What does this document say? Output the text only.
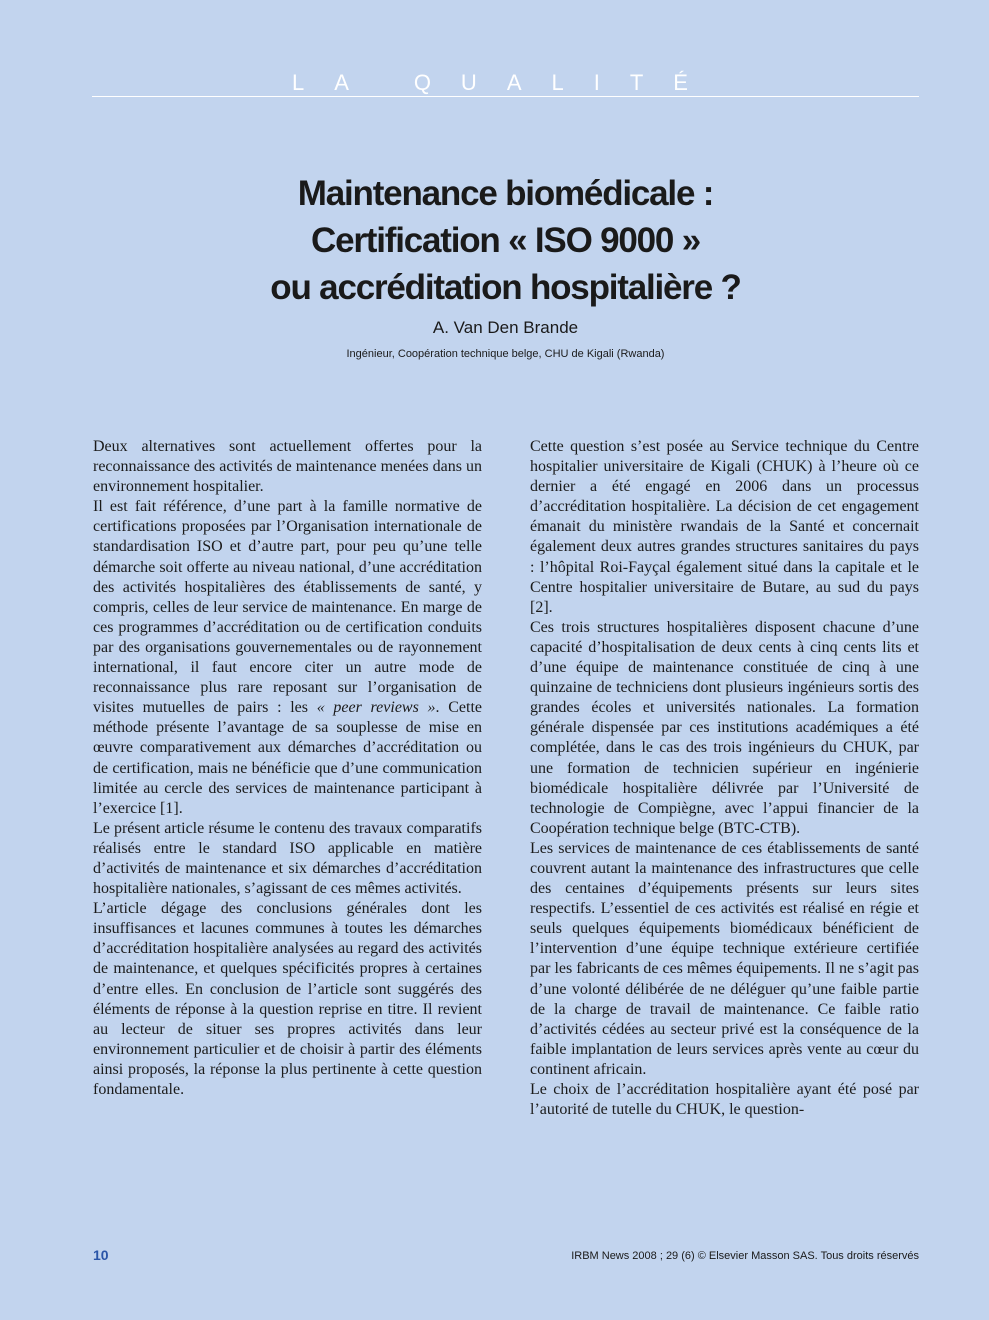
LA QUALITÉ
Maintenance biomédicale :
Certification « ISO 9000 »
ou accréditation hospitalière ?
A. Van Den Brande
Ingénieur, Coopération technique belge, CHU de Kigali (Rwanda)

Deux alternatives sont actuellement offertes pour la reconnaissance des activités de maintenance menées dans un environnement hospitalier.

Il est fait référence, d’une part à la famille normative de certifications proposées par l’Organisation internationale de standardisation ISO et d’autre part, pour peu qu’une telle démarche soit offerte au niveau national, d’une accréditation des activités hospitalières des établissements de santé, y compris, celles de leur service de maintenance. En marge de ces programmes d’accréditation ou de certification conduits par des organisations gouvernementales ou de rayonnement international, il faut encore citer un autre mode de reconnaissance plus rare reposant sur l’organisation de visites mutuelles de pairs : les « peer reviews ». Cette méthode présente l’avantage de sa souplesse de mise en œuvre comparativement aux démarches d’accréditation ou de certification, mais ne bénéficie que d’une communication limitée au cercle des services de maintenance participant à l’exercice [1].

Le présent article résume le contenu des travaux comparatifs réalisés entre le standard ISO applicable en matière d’activités de maintenance et six démarches d’accréditation hospitalière nationales, s’agissant de ces mêmes activités.

L’article dégage des conclusions générales dont les insuffisances et lacunes communes à toutes les démarches d’accréditation hospitalière analysées au regard des activités de maintenance, et quelques spécificités propres à certaines d’entre elles. En conclusion de l’article sont suggérés des éléments de réponse à la question reprise en titre. Il revient au lecteur de situer ses propres activités dans leur environnement particulier et de choisir à partir des éléments ainsi proposés, la réponse la plus pertinente à cette question fondamentale.

Cette question s’est posée au Service technique du Centre hospitalier universitaire de Kigali (CHUK) à l’heure où ce dernier a été engagé en 2006 dans un processus d’accréditation hospitalière. La décision de cet engagement émanait du ministère rwandais de la Santé et concernait également deux autres grandes structures sanitaires du pays : l’hôpital Roi-Fayçal également situé dans la capitale et le Centre hospitalier universitaire de Butare, au sud du pays [2].

Ces trois structures hospitalières disposent chacune d’une capacité d’hospitalisation de deux cents à cinq cents lits et d’une équipe de maintenance constituée de cinq à une quinzaine de techniciens dont plusieurs ingénieurs sortis des grandes écoles et universités nationales. La formation générale dispensée par ces institutions académiques a été complétée, dans le cas des trois ingénieurs du CHUK, par une formation de technicien supérieur en ingénierie biomédicale hospitalière délivrée par l’Université de technologie de Compiègne, avec l’appui financier de la Coopération technique belge (BTC-CTB).

Les services de maintenance de ces établissements de santé couvrent autant la maintenance des infrastructures que celle des centaines d’équipements présents sur leurs sites respectifs. L’essentiel de ces activités est réalisé en régie et seuls quelques équipements biomédicaux bénéficient de l’intervention d’une équipe technique extérieure certifiée par les fabricants de ces mêmes équipements. Il ne s’agit pas d’une volonté délibérée de ne déléguer qu’une faible partie de la charge de travail de maintenance. Ce faible ratio d’activités cédées au secteur privé est la conséquence de la faible implantation de leurs services après vente au cœur du continent africain.

Le choix de l’accréditation hospitalière ayant été posé par l’autorité de tutelle du CHUK, le question-

10	IRBM News 2008 ; 29 (6) © Elsevier Masson SAS. Tous droits réservés
